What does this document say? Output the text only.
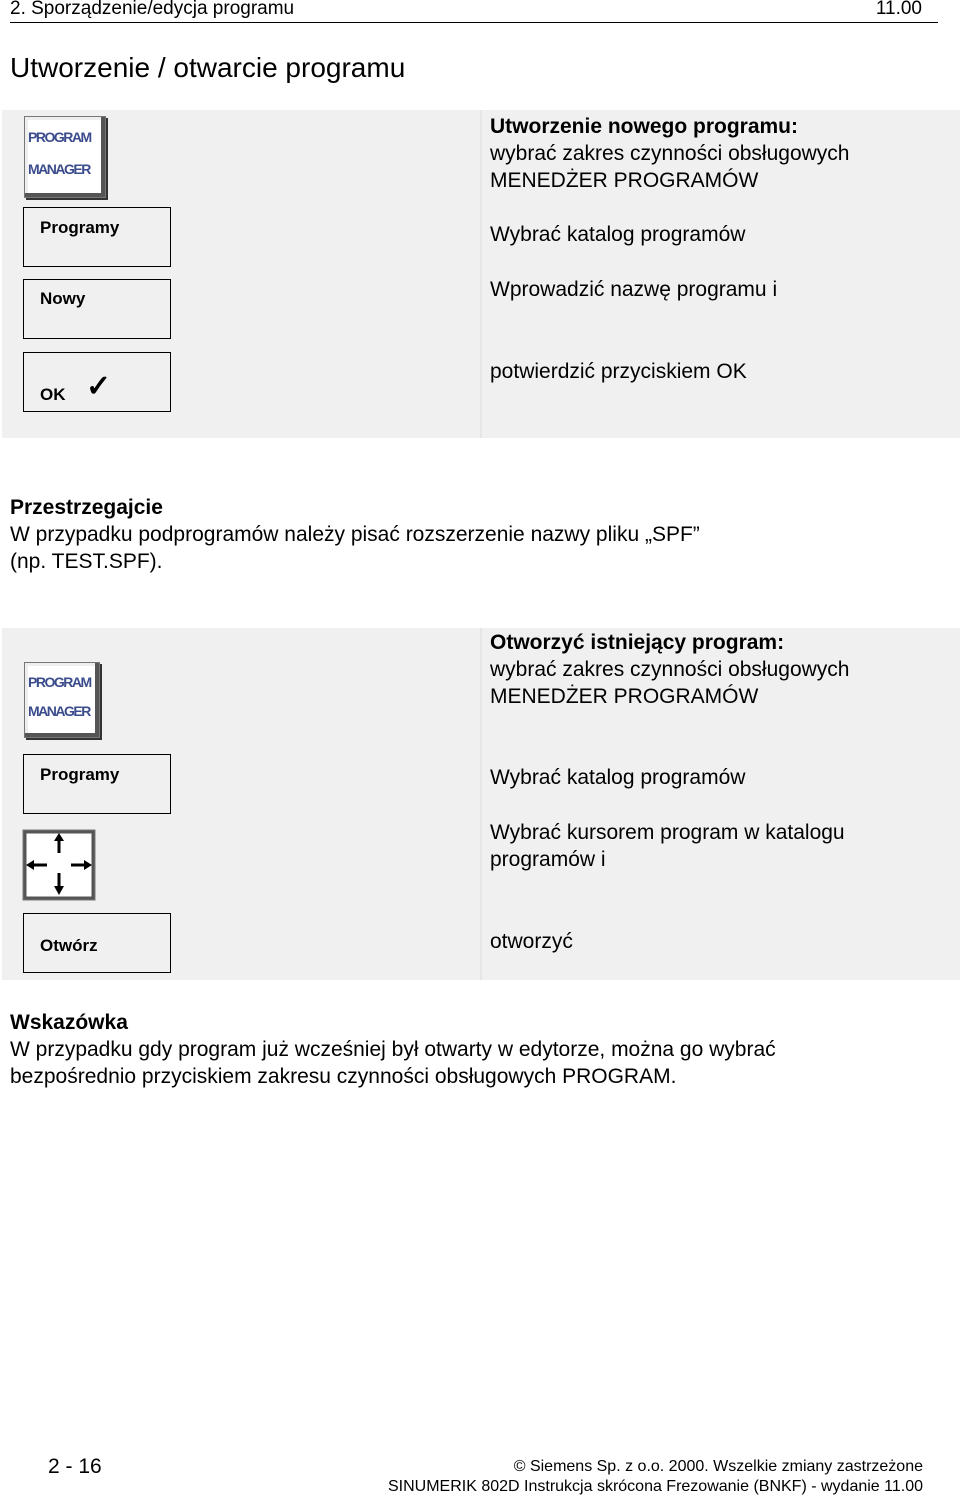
2. Sporządzenie/edycja programu	11.00
Utworzenie / otwarcie programu
PROGRAM
MANAGER
Programy
Nowy
OK ✓
Utworzenie nowego programu:
wybrać zakres czynności obsługowych
MENEDŻER PROGRAMÓW
Wybrać katalog programów
Wprowadzić nazwę programu i
potwierdzić przyciskiem OK
Przestrzegajcie
W przypadku podprogramów należy pisać rozszerzenie nazwy pliku „SPF”
(np. TEST.SPF).
PROGRAM
MANAGER
Programy
Otwórz
Otworzyć istniejący program:
wybrać zakres czynności obsługowych
MENEDŻER PROGRAMÓW
Wybrać katalog programów
Wybrać kursorem program w katalogu
programów i
otworzyć
Wskazówka
W przypadku gdy program już wcześniej był otwarty w edytorze, można go wybrać
bezpośrednio przyciskiem zakresu czynności obsługowych PROGRAM.
2 - 16	© Siemens Sp. z o.o. 2000. Wszelkie zmiany zastrzeżone
SINUMERIK 802D Instrukcja skrócona Frezowanie (BNKF) - wydanie 11.00
